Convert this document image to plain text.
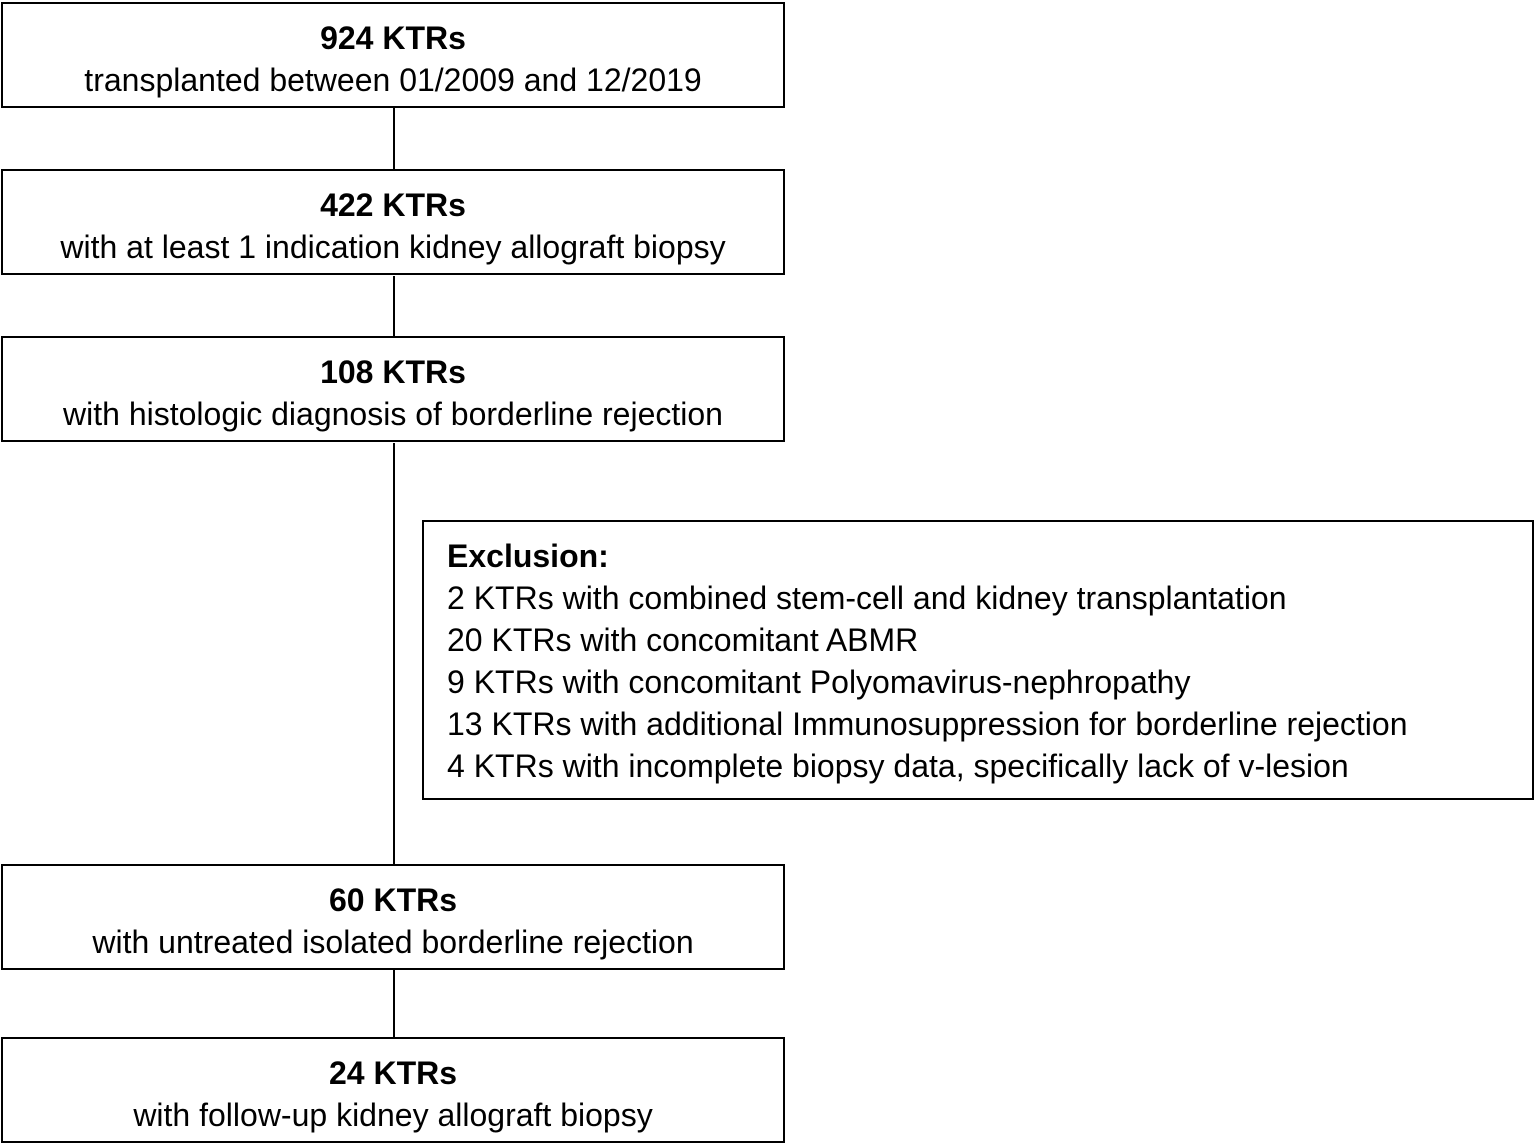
924 KTRs
transplanted between 01/2009 and 12/2019
422 KTRs
with at least 1 indication kidney allograft biopsy
108 KTRs
with histologic diagnosis of borderline rejection
60 KTRs
with untreated isolated borderline rejection
24 KTRs
with follow-up kidney allograft biopsy
Exclusion:
2 KTRs with combined stem-cell and kidney transplantation
20 KTRs with concomitant ABMR
9 KTRs with concomitant Polyomavirus-nephropathy
13 KTRs with additional Immunosuppression for borderline rejection
4 KTRs with incomplete biopsy data, specifically lack of v-lesion
